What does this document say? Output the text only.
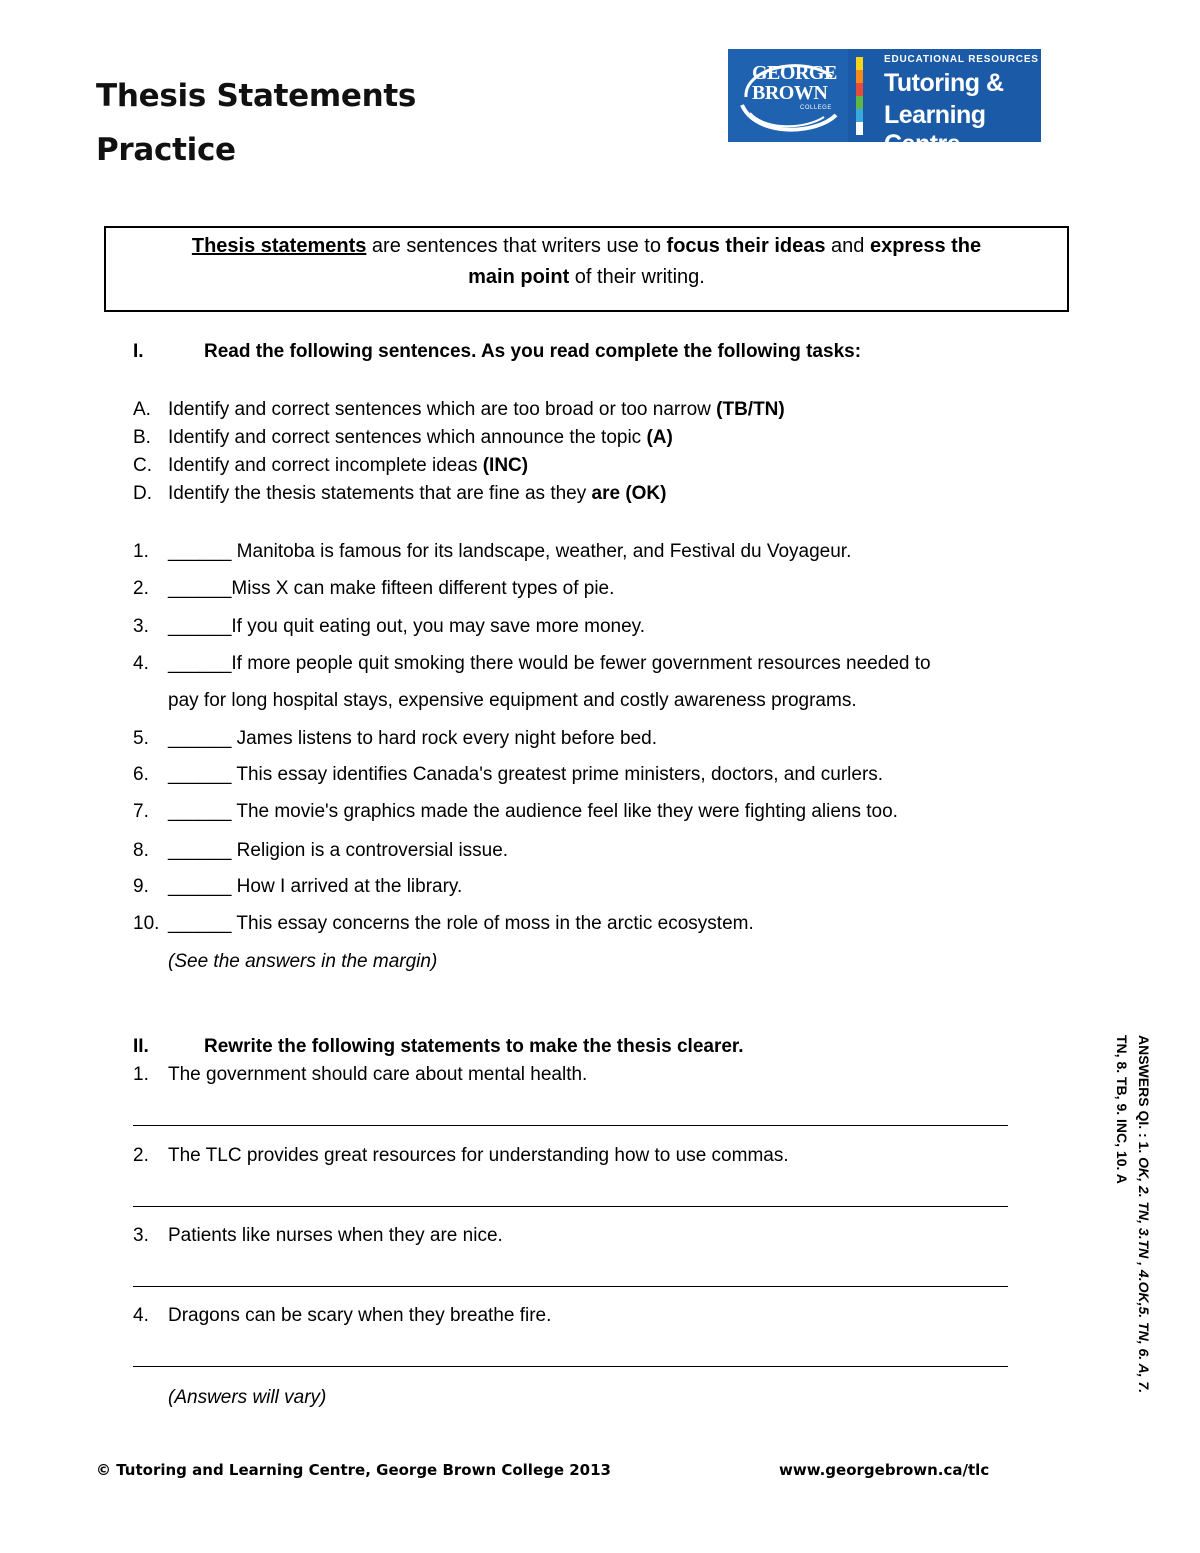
Thesis Statements
Practice
GEORGE
BROWN
COLLEGE
EDUCATIONAL RESOURCES
Tutoring &
Learning Centre
Thesis statements are sentences that writers use to focus their ideas and express the
main point of their writing.
I.	Read the following sentences. As you read complete the following tasks:
A. Identify and correct sentences which are too broad or too narrow (TB/TN)
B. Identify and correct sentences which announce the topic (A)
C. Identify and correct incomplete ideas (INC)
D. Identify the thesis statements that are fine as they are (OK)
1. ______ Manitoba is famous for its landscape, weather, and Festival du Voyageur.
2. ______Miss X can make fifteen different types of pie.
3. ______If you quit eating out, you may save more money.
4. ______If more people quit smoking there would be fewer government resources needed to
pay for long hospital stays, expensive equipment and costly awareness programs.
5. ______ James listens to hard rock every night before bed.
6. ______ This essay identifies Canada's greatest prime ministers, doctors, and curlers.
7. ______ The movie's graphics made the audience feel like they were fighting aliens too.
8. ______ Religion is a controversial issue.
9. ______ How I arrived at the library.
10. ______ This essay concerns the role of moss in the arctic ecosystem.
(See the answers in the margin)
II.	Rewrite the following statements to make the thesis clearer.
1. The government should care about mental health.
2. The TLC provides great resources for understanding how to use commas.
3. Patients like nurses when they are nice.
4. Dragons can be scary when they breathe fire.
(Answers will vary)
ANSWERS QI. : 1. OK, 2. TN, 3.TN , 4.OK,5. TN, 6. A, 7.
TN, 8. TB, 9. INC, 10. A
© Tutoring and Learning Centre, George Brown College 2013	www.georgebrown.ca/tlc
